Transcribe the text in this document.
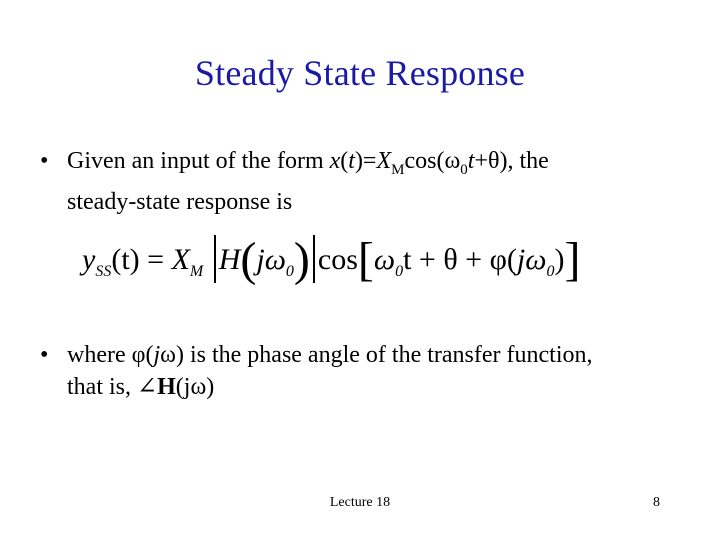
Steady State Response
• Given an input of the form $x(t)=X_M\cos(\omega_0t+\theta)$, the
steady-state response is
$y_{SS}(t) = X_M$ $H(j\omega_0) \cos[\omega_0t + \theta + \varphi(j\omega_0)]$
• where φ(jω) is the phase angle of the transfer function,
that is, ∠H(jω)
Lecture 18	8
